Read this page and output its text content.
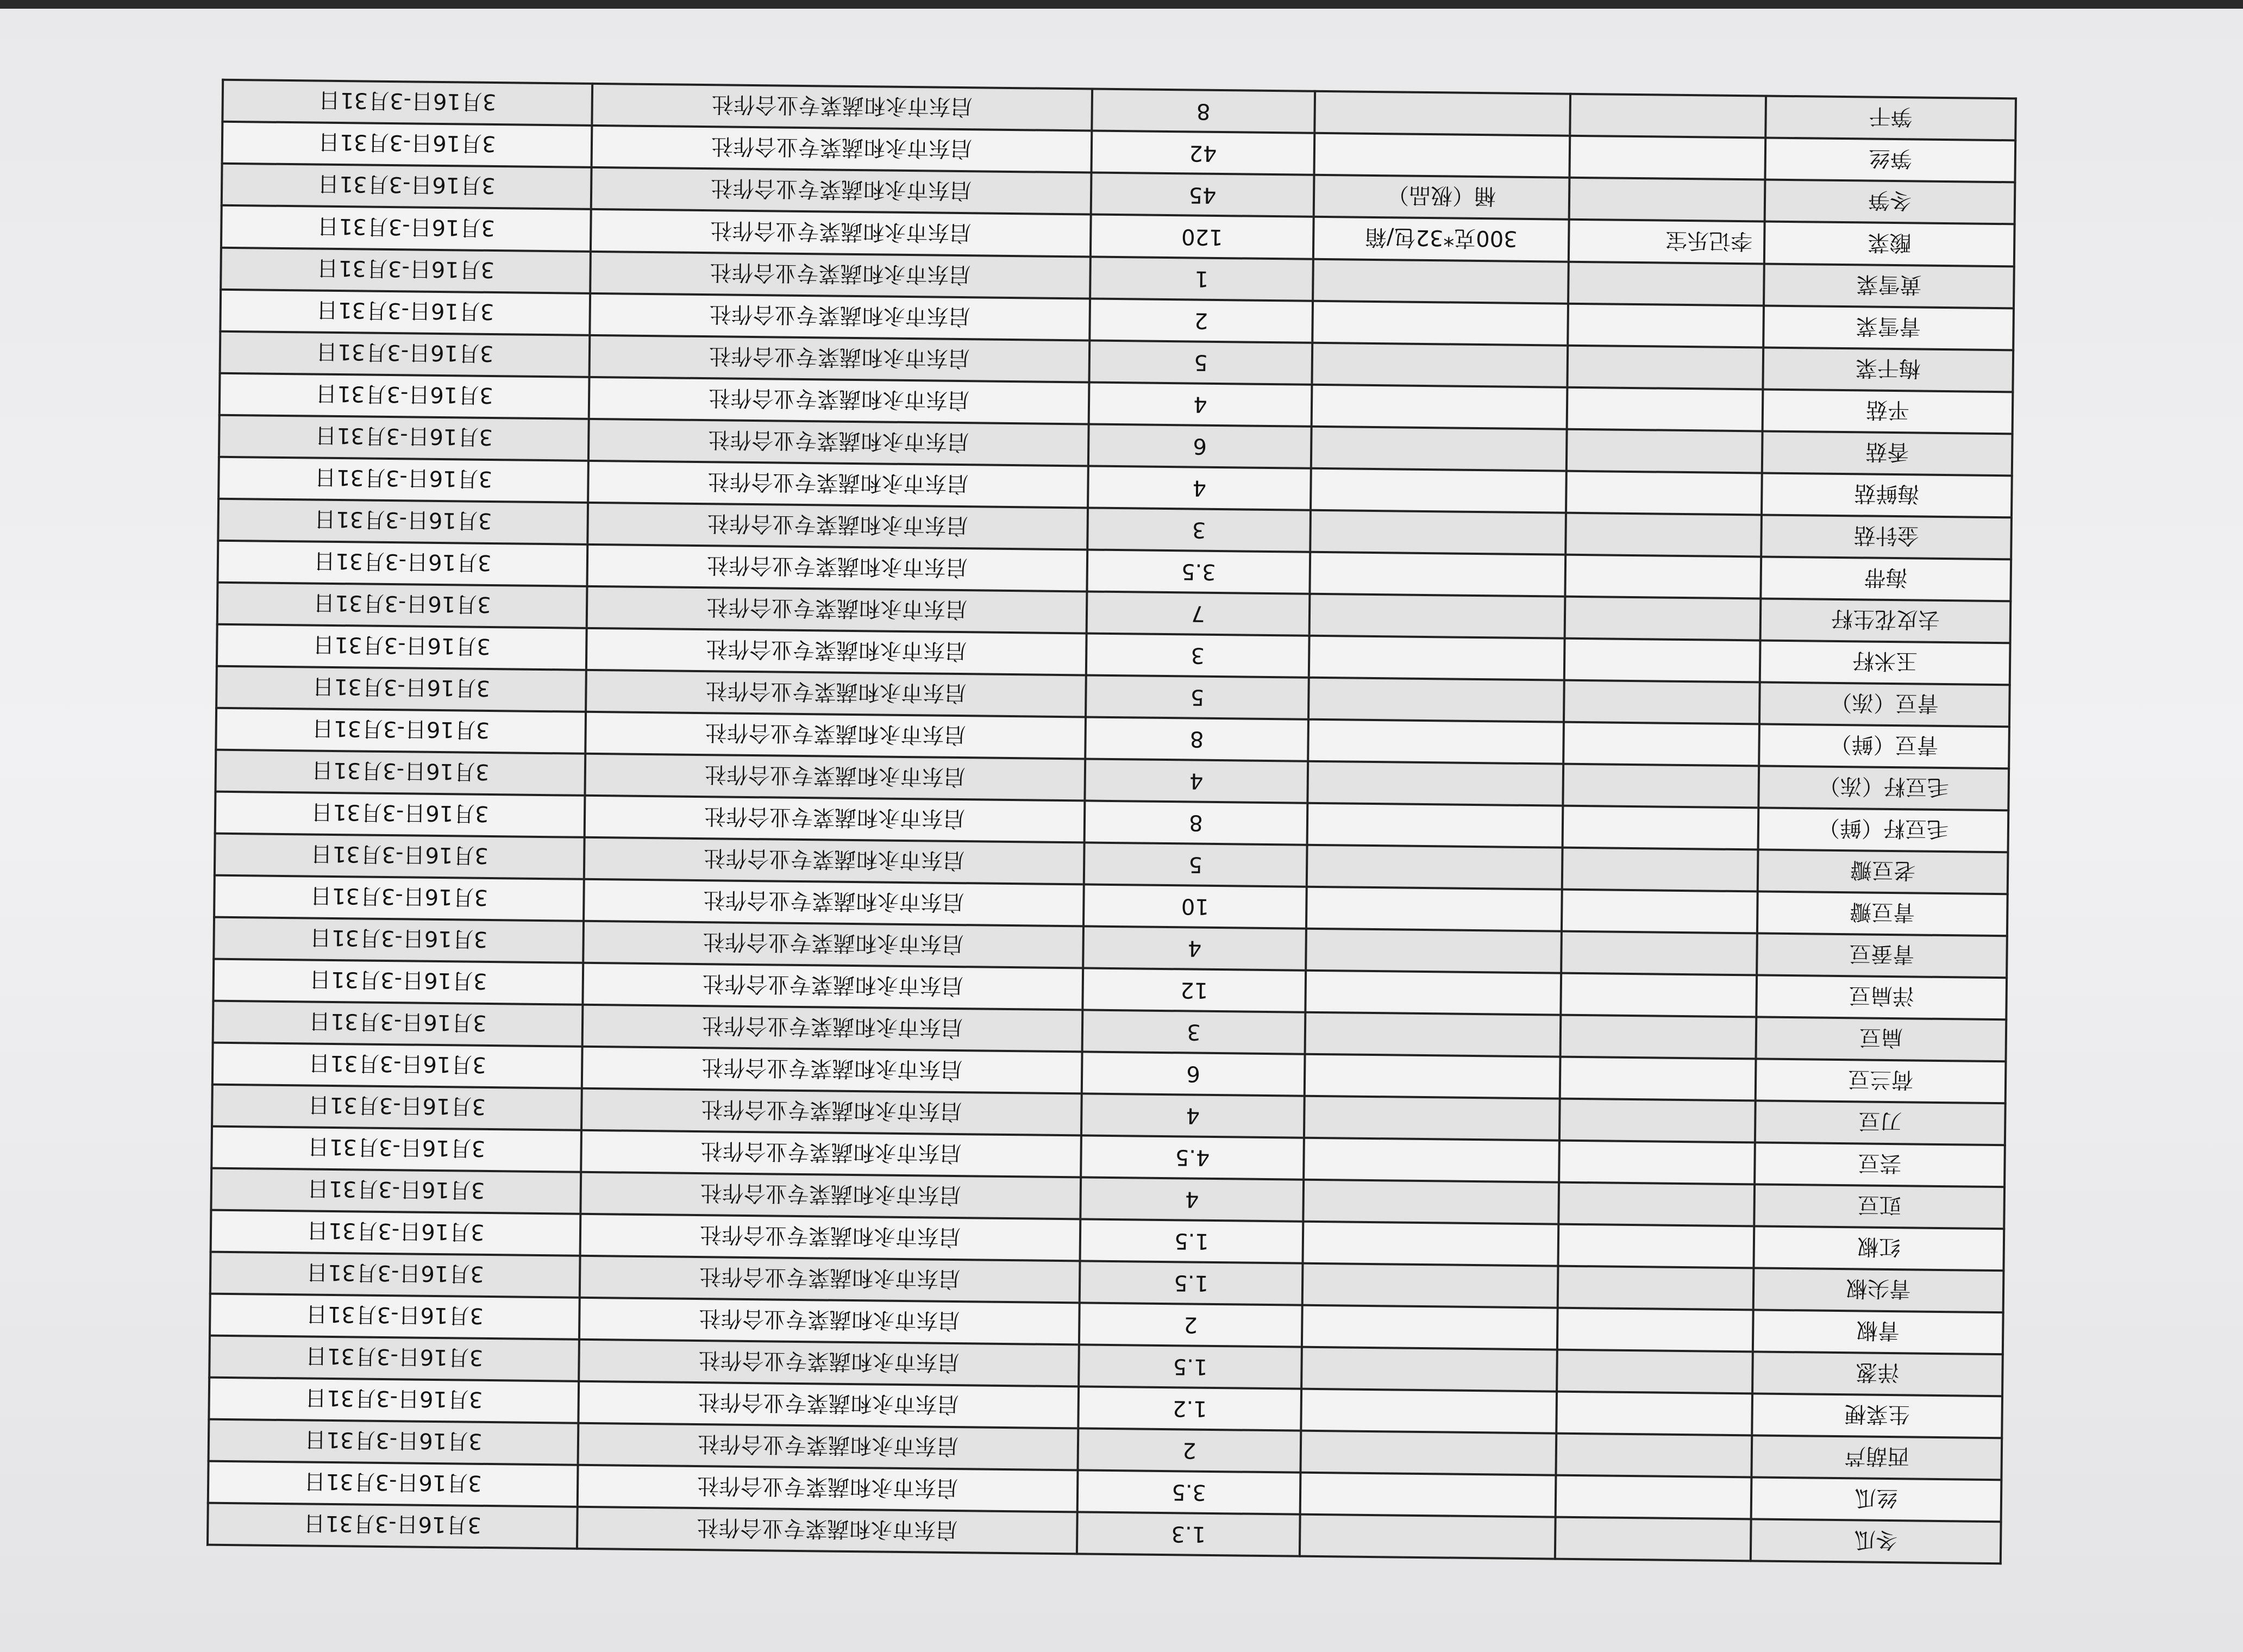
冬瓜			1.3	启东市永和蔬菜专业合作社	3月16日-3月31日
丝瓜			3.5	启东市永和蔬菜专业合作社	3月16日-3月31日
西葫芦			2	启东市永和蔬菜专业合作社	3月16日-3月31日
生菜梗			1.2	启东市永和蔬菜专业合作社	3月16日-3月31日
洋葱			1.5	启东市永和蔬菜专业合作社	3月16日-3月31日
青椒			2	启东市永和蔬菜专业合作社	3月16日-3月31日
青尖椒			1.5	启东市永和蔬菜专业合作社	3月16日-3月31日
红椒			1.5	启东市永和蔬菜专业合作社	3月16日-3月31日
豇豆			4	启东市永和蔬菜专业合作社	3月16日-3月31日
芸豆			4.5	启东市永和蔬菜专业合作社	3月16日-3月31日
刀豆			4	启东市永和蔬菜专业合作社	3月16日-3月31日
荷兰豆			6	启东市永和蔬菜专业合作社	3月16日-3月31日
扁豆			3	启东市永和蔬菜专业合作社	3月16日-3月31日
洋扁豆			12	启东市永和蔬菜专业合作社	3月16日-3月31日
青蚕豆			4	启东市永和蔬菜专业合作社	3月16日-3月31日
青豆瓣			10	启东市永和蔬菜专业合作社	3月16日-3月31日
老豆瓣			5	启东市永和蔬菜专业合作社	3月16日-3月31日
毛豆籽（鲜）			8	启东市永和蔬菜专业合作社	3月16日-3月31日
毛豆籽（冻）			4	启东市永和蔬菜专业合作社	3月16日-3月31日
青豆（鲜）			8	启东市永和蔬菜专业合作社	3月16日-3月31日
青豆（冻）			5	启东市永和蔬菜专业合作社	3月16日-3月31日
玉米籽			3	启东市永和蔬菜专业合作社	3月16日-3月31日
去皮花生籽			7	启东市永和蔬菜专业合作社	3月16日-3月31日
海带			3.5	启东市永和蔬菜专业合作社	3月16日-3月31日
金针菇			3	启东市永和蔬菜专业合作社	3月16日-3月31日
海鲜菇			4	启东市永和蔬菜专业合作社	3月16日-3月31日
香菇			6	启东市永和蔬菜专业合作社	3月16日-3月31日
平菇			4	启东市永和蔬菜专业合作社	3月16日-3月31日
梅干菜			5	启东市永和蔬菜专业合作社	3月16日-3月31日
青雪菜			2	启东市永和蔬菜专业合作社	3月16日-3月31日
黄雪菜			1	启东市永和蔬菜专业合作社	3月16日-3月31日
酸菜	李记乐宝	300克*32包/箱	120	启东市永和蔬菜专业合作社	3月16日-3月31日
冬笋		桶（极品）	45	启东市永和蔬菜专业合作社	3月16日-3月31日
笋丝			42	启东市永和蔬菜专业合作社	3月16日-3月31日
笋干			8	启东市永和蔬菜专业合作社	3月16日-3月31日
